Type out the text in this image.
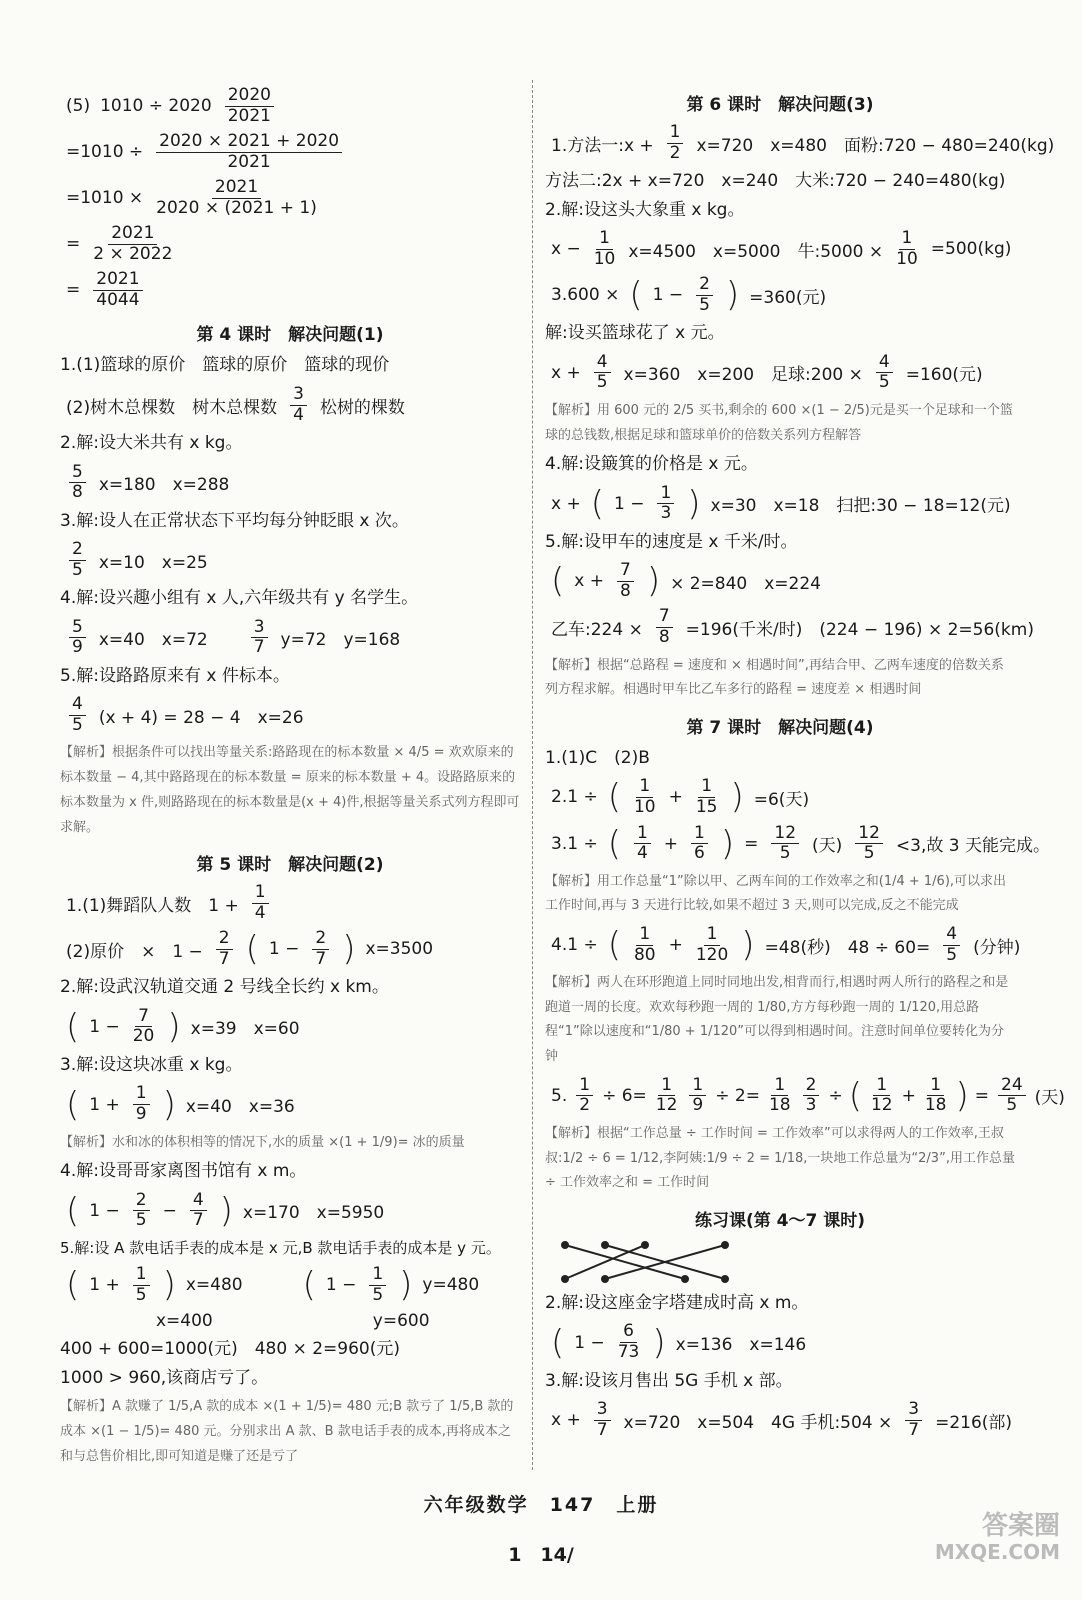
(5) $1010 \div 2020 \frac{2020}{2021}$
$=1010 \div \frac{2020 \times 2021 + 2020}{2021}$
$=1010 \times \frac{2021}{2020 \times (2021 + 1)}$
= $\frac{2021}{2 \times 2022}$
= $\frac{2021}{4044}$
第 4 课时　解决问题(1)
1.(1)篮球的原价　篮球的原价　篮球的现价
(2)树木总棵数　树木总棵数 $\frac{3}{4}$ 松树的棵数
2.解:设大米共有 x kg。
$\frac{5}{8} x=180$　x=288
3.解:设人在正常状态下平均每分钟眨眼 x 次。
$\frac{2}{5} x=10$　x=25
4.解:设兴趣小组有 x 人,六年级共有 y 名学生。
$\frac{5}{9} x=40$　x=72	$\frac{3}{7} y=72$　y=168
5.解:设路路原来有 x 件标本。
$\frac{4}{5} (x + 4) = 28 - 4$　x=26
【解析】根据条件可以找出等量关系:路路现在的标本数量 × 4/5 = 欢欢原来的标本数量 − 4,其中路路现在的标本数量 = 原来的标本数量 + 4。设路路原来的标本数量为 x 件,则路路现在的标本数量是(x + 4)件,根据等量关系式列方程即可求解。
第 5 课时　解决问题(2)
1.(1)舞蹈队人数　$1 + \frac{1}{4}$
(2)原价　×　$1 - \frac{2}{7}$ ( $1 - \frac{2}{7}$ ) x=3500
2.解:设武汉轨道交通 2 号线全长约 x km。
( $1 - \frac{7}{20}$ ) x=39　x=60
3.解:设这块冰重 x kg。
( $1 + \frac{1}{9}$ ) x=40　x=36
【解析】水和冰的体积相等的情况下,水的质量 ×(1 + 1/9)= 冰的质量
4.解:设哥哥家离图书馆有 x m。
( $1 - \frac{2}{5} - \frac{4}{7}$ ) x=170　x=5950
5.解:设 A 款电话手表的成本是 x 元,B 款电话手表的成本是 y 元。
( $1 + \frac{1}{5}$ ) x=480 ( $1 - \frac{1}{5}$ ) y=480
x=400	y=600
400 + 600=1000(元)　480 × 2=960(元)
1000 > 960,该商店亏了。
【解析】A 款赚了 1/5,A 款的成本 ×(1 + 1/5)= 480 元;B 款亏了 1/5,B 款的成本 ×(1 − 1/5)= 480 元。分别求出 A 款、B 款电话手表的成本,再将成本之和与总售价相比,即可知道是赚了还是亏了
第 6 课时　解决问题(3)
1.方法一:x + $\frac{1}{2} x=720$　x=480　面粉:720 − 480=240(kg)
方法二:2x + x=720　x=240　大米:720 − 240=480(kg)
2.解:设这头大象重 x kg。
$x - \frac{1}{10} x=4500$　x=5000　牛:5000 × $\frac{1}{10} =500(kg)$
3.600 × ( $1 - \frac{2}{5}$ ) =360(元)
解:设买篮球花了 x 元。
$x + \frac{4}{5} x=360$　x=200　足球:200 × $\frac{4}{5} =160$(元)
【解析】用 600 元的 2/5 买书,剩余的 600 ×(1 − 2/5)元是买一个足球和一个篮球的总钱数,根据足球和篮球单价的倍数关系列方程解答
4.解:设簸箕的价格是 x 元。
x + ( $1 - \frac{1}{3}$ ) x=30　x=18　扫把:30 − 18=12(元)
5.解:设甲车的速度是 x 千米/时。
( $x + \frac{7}{8}$ ) × 2=840　x=224
乙车:224 × $\frac{7}{8} =196$(千米/时)　(224 − 196) × 2=56(km)
【解析】根据“总路程 = 速度和 × 相遇时间”,再结合甲、乙两车速度的倍数关系列方程求解。相遇时甲车比乙车多行的路程 = 速度差 × 相遇时间
第 7 课时　解决问题(4)
1.(1)C　(2)B
2.1 ÷ ( $\frac{1}{10} + \frac{1}{15}$ ) =6(天)
3.1 ÷ ( $\frac{1}{4} + \frac{1}{6}$ ) = $\frac{12}{5}$ (天) $\frac{12}{5} <3$,故 3 天能完成。
【解析】用工作总量“1”除以甲、乙两车间的工作效率之和(1/4 + 1/6),可以求出工作时间,再与 3 天进行比较,如果不超过 3 天,则可以完成,反之不能完成
4.1 ÷ ( $\frac{1}{80} + \frac{1}{120}$ ) =48(秒)　$48 \div 60= \frac{4}{5}$ (分钟)
【解析】两人在环形跑道上同时同地出发,相背而行,相遇时两人所行的路程之和是跑道一周的长度。欢欢每秒跑一周的 1/80,方方每秒跑一周的 1/120,用总路程“1”除以速度和“1/80 + 1/120”可以得到相遇时间。注意时间单位要转化为分钟
5. $\frac{1}{2} \div 6= \frac{1}{12} \frac{1}{9} \div 2= \frac{1}{18} \frac{2}{3}$ ÷ ( $\frac{1}{12} + \frac{1}{18}$ ) = $\frac{24}{5}$ (天)
【解析】根据“工作总量 ÷ 工作时间 = 工作效率”可以求得两人的工作效率,王叔叔:1/2 ÷ 6 = 1/12,李阿姨:1/9 ÷ 2 = 1/18,一块地工作总量为“2/3”,用工作总量 ÷ 工作效率之和 = 工作时间
练习课(第 4～7 课时)
2.解:设这座金字塔建成时高 x m。
( $1 - \frac{6}{73}$ ) x=136　x=146
3.解:设该月售出 5G 手机 x 部。
$x + \frac{3}{7} x=720$　x=504　4G 手机:504 × $\frac{3}{7} =216$(部)
六年级数学　147　上册
1　14/
答案圈
MXQE.COM
